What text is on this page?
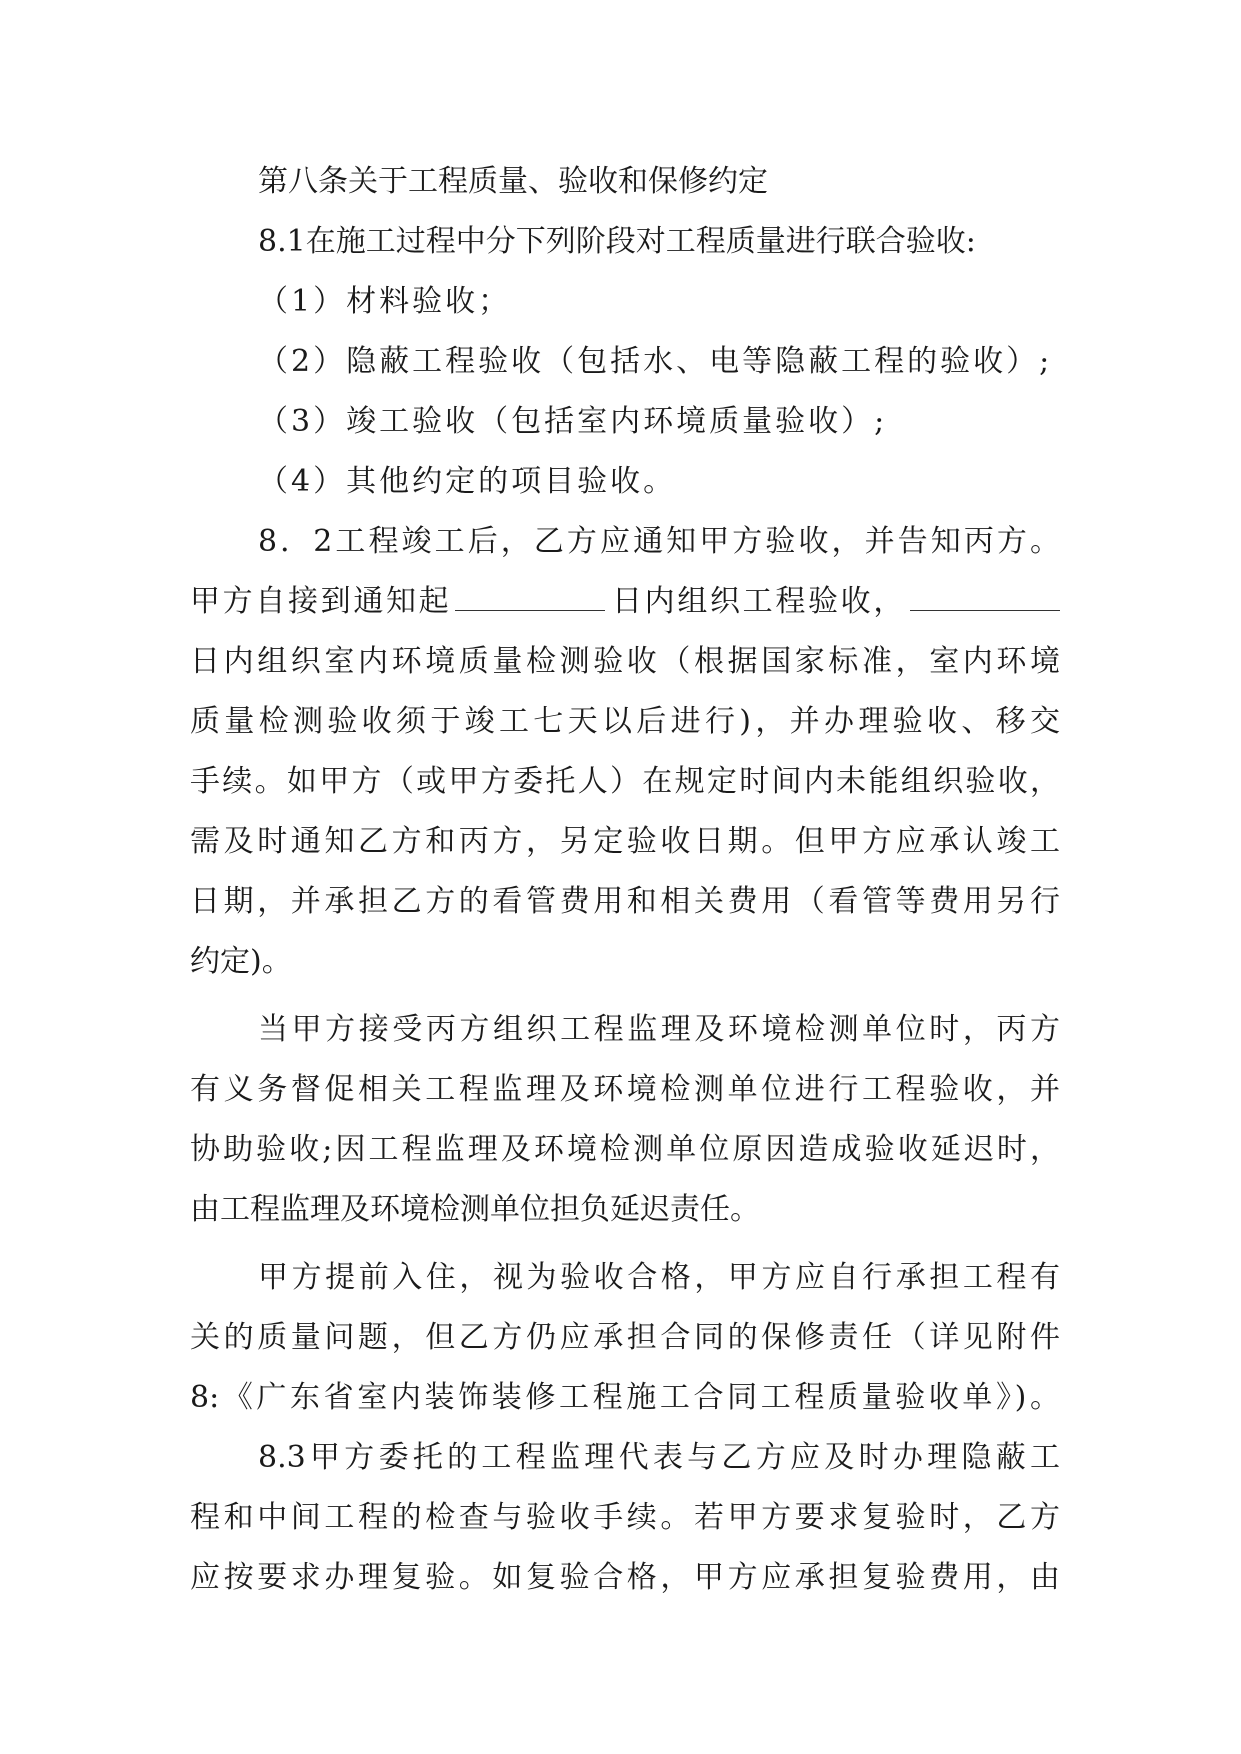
第八条关于工程质量、验收和保修约定
8.1在施工过程中分下列阶段对工程质量进行联合验收:
（1）材料验收；
（2）隐蔽工程验收（包括水、电等隐蔽工程的验收）;
（3）竣工验收（包括室内环境质量验收）;
（4）其他约定的项目验收。
8．2工程竣工后，乙方应通知甲方验收，并告知丙方。
甲方自接到通知起	日内组织工程验收，
日内组织室内环境质量检测验收（根据国家标准，室内环境
质量检测验收须于竣工七天以后进行)，并办理验收、移交
手续。如甲方（或甲方委托人）在规定时间内未能组织验收，
需及时通知乙方和丙方，另定验收日期。但甲方应承认竣工
日期，并承担乙方的看管费用和相关费用（看管等费用另行
约定)。
当甲方接受丙方组织工程监理及环境检测单位时，丙方
有义务督促相关工程监理及环境检测单位进行工程验收，并
协助验收;因工程监理及环境检测单位原因造成验收延迟时，
由工程监理及环境检测单位担负延迟责任。
甲方提前入住，视为验收合格，甲方应自行承担工程有
关的质量问题，但乙方仍应承担合同的保修责任（详见附件
8:《广东省室内装饰装修工程施工合同工程质量验收单》)。
8.3甲方委托的工程监理代表与乙方应及时办理隐蔽工
程和中间工程的检查与验收手续。若甲方要求复验时，乙方
应按要求办理复验。如复验合格，甲方应承担复验费用，由
